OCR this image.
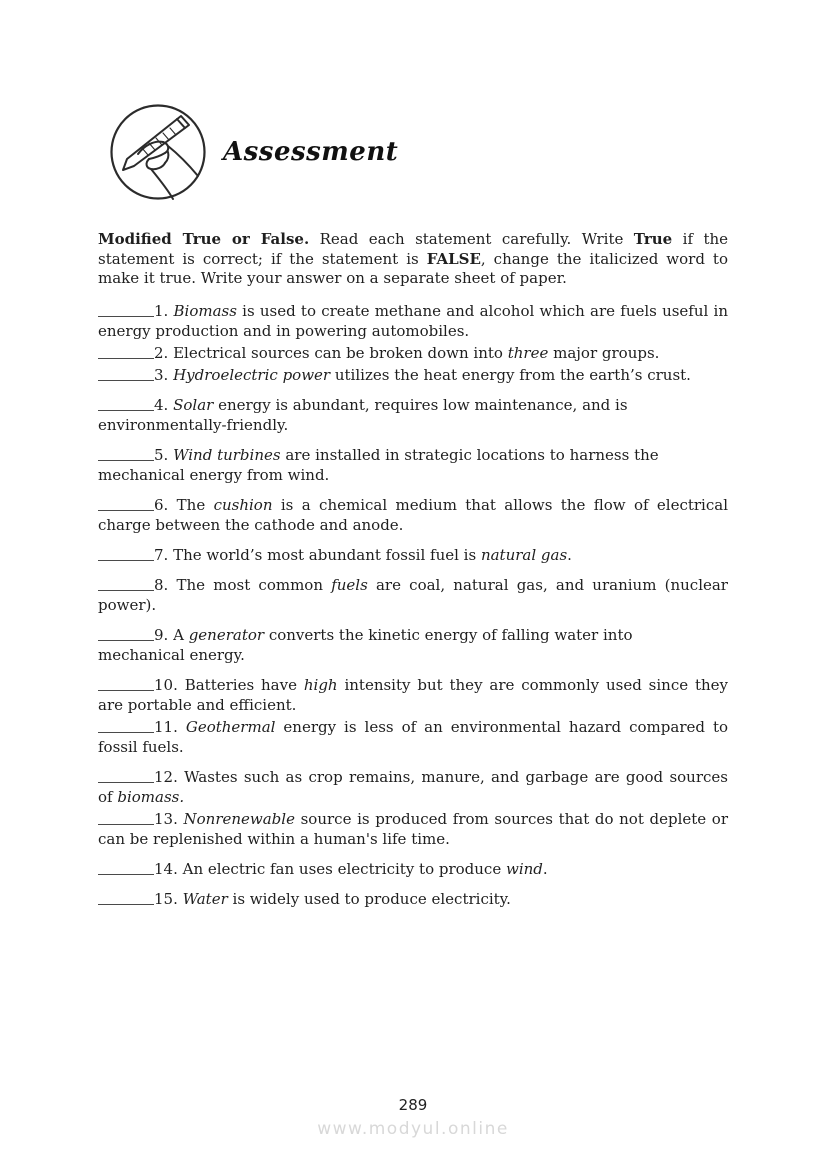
Assessment

Modified True or False. Read each statement carefully. Write True if the statement is correct; if the statement is FALSE, change the italicized word to make it true. Write your answer on a separate sheet of paper.

1. Biomass is used to create methane and alcohol which are fuels useful in energy production and in powering automobiles.

2. Electrical sources can be broken down into three major groups.

3. Hydroelectric power utilizes the heat energy from the earth’s crust.

4. Solar energy is abundant, requires low maintenance, and is
environmentally-friendly.

5. Wind turbines are installed in strategic locations to harness the
mechanical energy from wind.

6. The cushion is a chemical medium that allows the flow of electrical charge between the cathode and anode.

7. The world’s most abundant fossil fuel is natural gas.

8. The most common fuels are coal, natural gas, and uranium (nuclear power).

9. A generator converts the kinetic energy of falling water into
mechanical energy.

10. Batteries have high intensity but they are commonly used since they are portable and efficient.

11. Geothermal energy is less of an environmental hazard compared to fossil fuels.

12. Wastes such as crop remains, manure, and garbage are good sources of biomass.

13. Nonrenewable source is produced from sources that do not deplete or can be replenished within a human's life time.

14. An electric fan uses electricity to produce wind.

15. Water is widely used to produce electricity.

289
www.modyul.online
